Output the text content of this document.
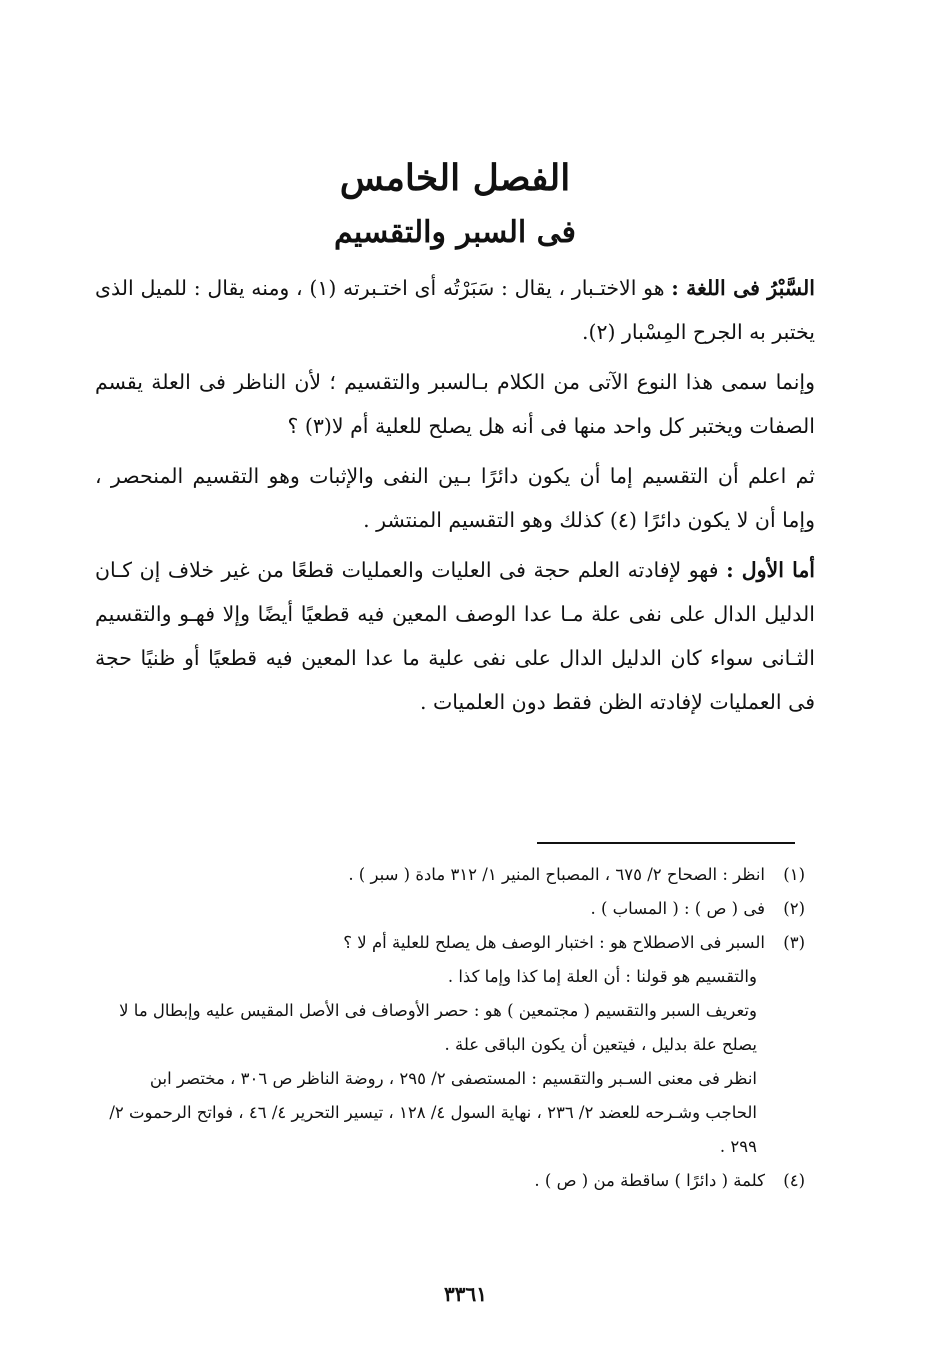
الفصل الخامس
فى السبر والتقسيم

السَّبْرُ فى اللغة : هو الاختـبار ، يقال : سَبَرْتُه أى اختـبرته (١) ، ومنه يقال : للميل الذى يختبر به الجرح المِسْبار (٢).

وإنما سمى هذا النوع الآتى من الكلام بـالسبر والتقسيم ؛ لأن الناظر فى العلة يقسم الصفات ويختبر كل واحد منها فى أنه هل يصلح للعلية أم لا(٣) ؟

ثم اعلم أن التقسيم إما أن يكون دائرًا بـين النفى والإثبات وهو التقسيم المنحصر ، وإما أن لا يكون دائرًا (٤) كذلك وهو التقسيم المنتشر .

أما الأول : فهو لإفادته العلم حجة فى العليات والعمليات قطعًا من غير خلاف إن كـان الدليل الدال على نفى علة مـا عدا الوصف المعين فيه قطعيًا أيضًا وإلا فهـو والتقسيم الثـانى سواء كان الدليل الدال على نفى علية ما عدا المعين فيه قطعيًا أو ظنيًا حجة فى العمليات لإفادته الظن فقط دون العلميات .

(١)انظر : الصحاح ٢/ ٦٧٥ ، المصباح المنير ١/ ٣١٢ مادة ( سبر ) .

(٢)فى ( ص ) : ( المساب ) .

(٣)السبر فى الاصطلاح هو : اختبار الوصف هل يصلح للعلية أم لا ؟

والتقسيم هو قولنا : أن العلة إما كذا وإما كذا .

وتعريف السبر والتقسيم ( مجتمعين ) هو : حصر الأوصاف فى الأصل المقيس عليه وإبطال ما لا يصلح علة بدليل ، فيتعين أن يكون الباقى علة .

انظر فى معنى السـبر والتقسيم : المستصفى ٢/ ٢٩٥ ، روضة الناظر ص ٣٠٦ ، مختصر ابن الحاجب وشـرحه للعضد ٢/ ٢٣٦ ، نهاية السول ٤/ ١٢٨ ، تيسير التحرير ٤/ ٤٦ ، فواتح الرحموت ٢/ ٢٩٩ .

(٤)كلمة ( دائرًا ) ساقطة من ( ص ) .

٣٣٦١
